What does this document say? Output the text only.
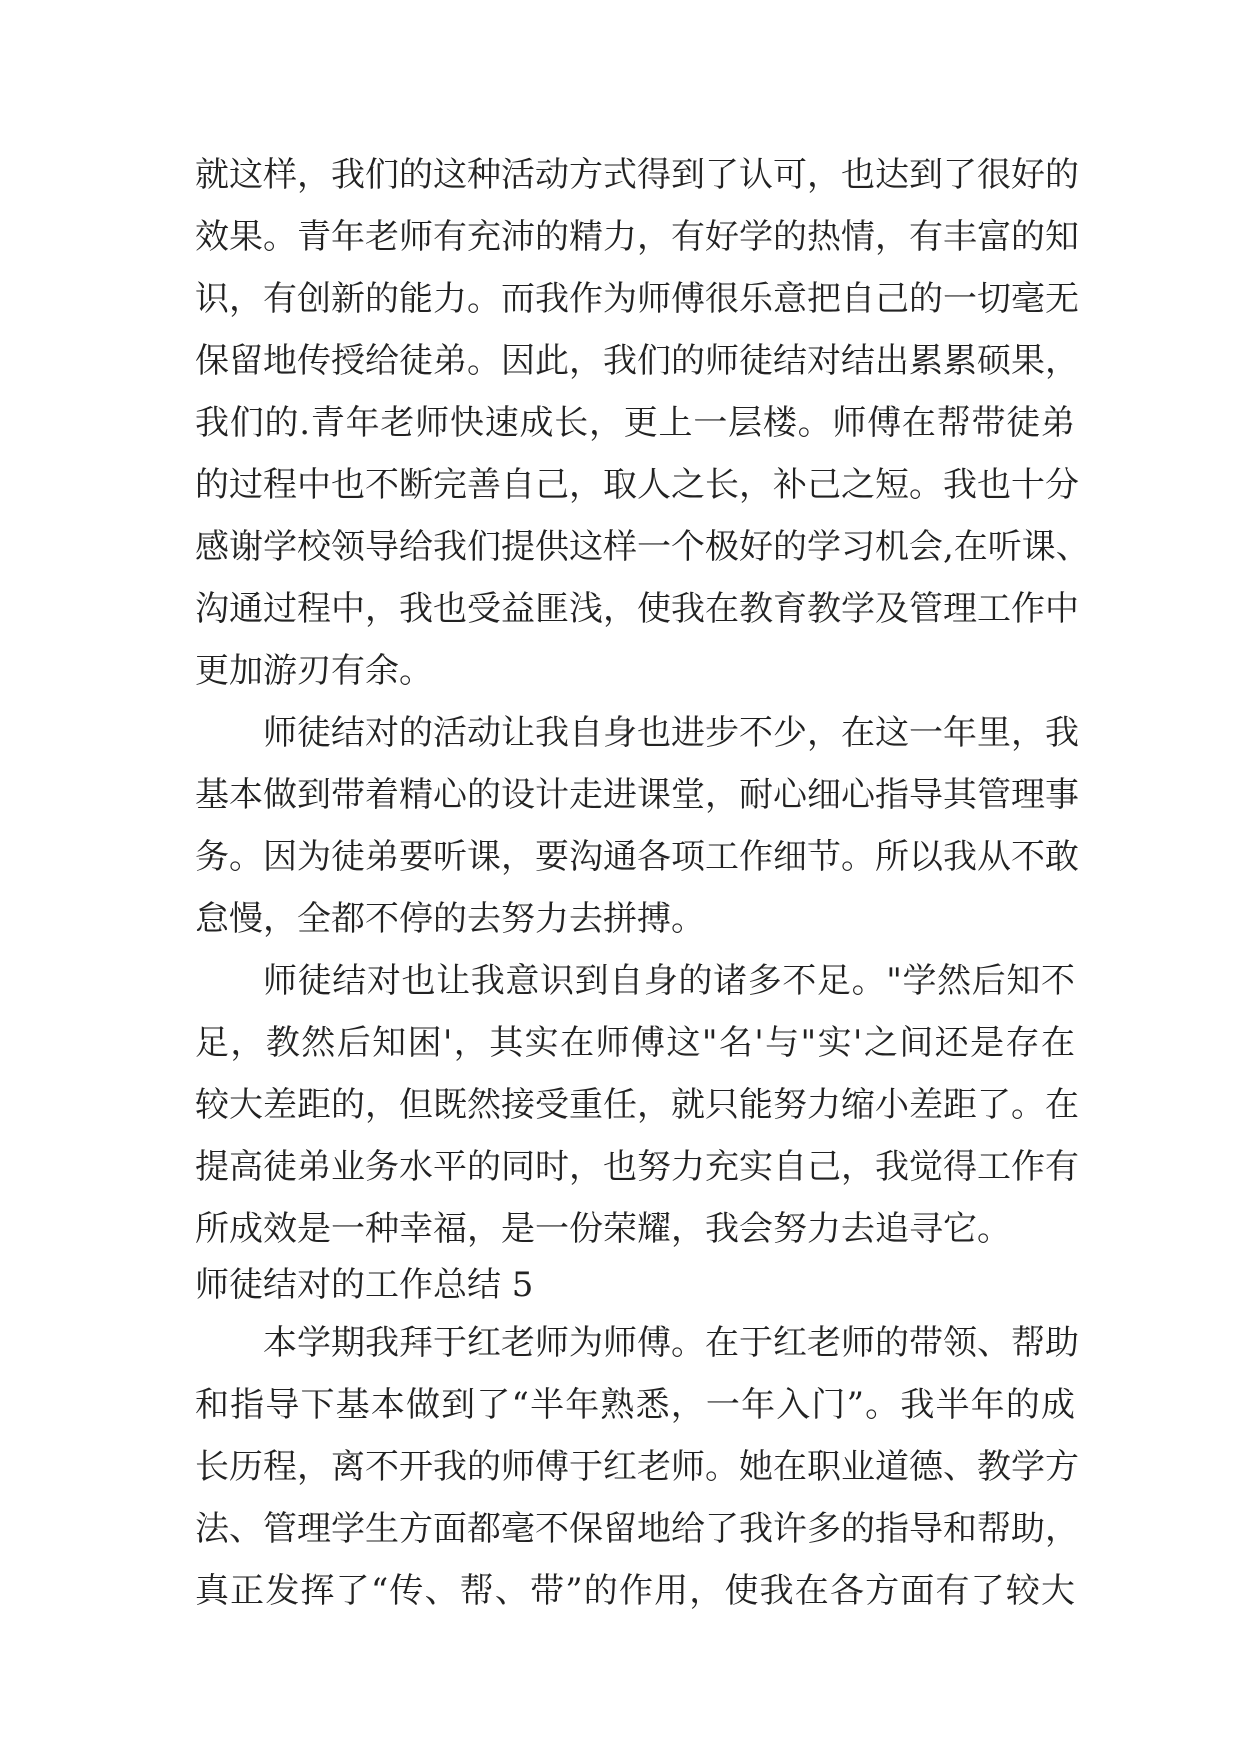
就这样，我们的这种活动方式得到了认可，也达到了很好的
效果。青年老师有充沛的精力，有好学的热情，有丰富的知
识，有创新的能力。而我作为师傅很乐意把自己的一切毫无
保留地传授给徒弟。因此，我们的师徒结对结出累累硕果，
我们的.青年老师快速成长，更上一层楼。师傅在帮带徒弟
的过程中也不断完善自己，取人之长，补己之短。我也十分
感谢学校领导给我们提供这样一个极好的学习机会,在听课、
沟通过程中，我也受益匪浅，使我在教育教学及管理工作中
更加游刃有余。
师徒结对的活动让我自身也进步不少，在这一年里，我
基本做到带着精心的设计走进课堂，耐心细心指导其管理事
务。因为徒弟要听课，要沟通各项工作细节。所以我从不敢
怠慢，全都不停的去努力去拼搏。
师徒结对也让我意识到自身的诸多不足。"学然后知不
足，教然后知困'，其实在师傅这"名'与"实'之间还是存在
较大差距的，但既然接受重任，就只能努力缩小差距了。在
提高徒弟业务水平的同时，也努力充实自己，我觉得工作有
所成效是一种幸福，是一份荣耀，我会努力去追寻它。
师徒结对的工作总结 5
本学期我拜于红老师为师傅。在于红老师的带领、帮助
和指导下基本做到了“半年熟悉，一年入门”。我半年的成
长历程，离不开我的师傅于红老师。她在职业道德、教学方
法、管理学生方面都毫不保留地给了我许多的指导和帮助，
真正发挥了“传、帮、带”的作用，使我在各方面有了较大
